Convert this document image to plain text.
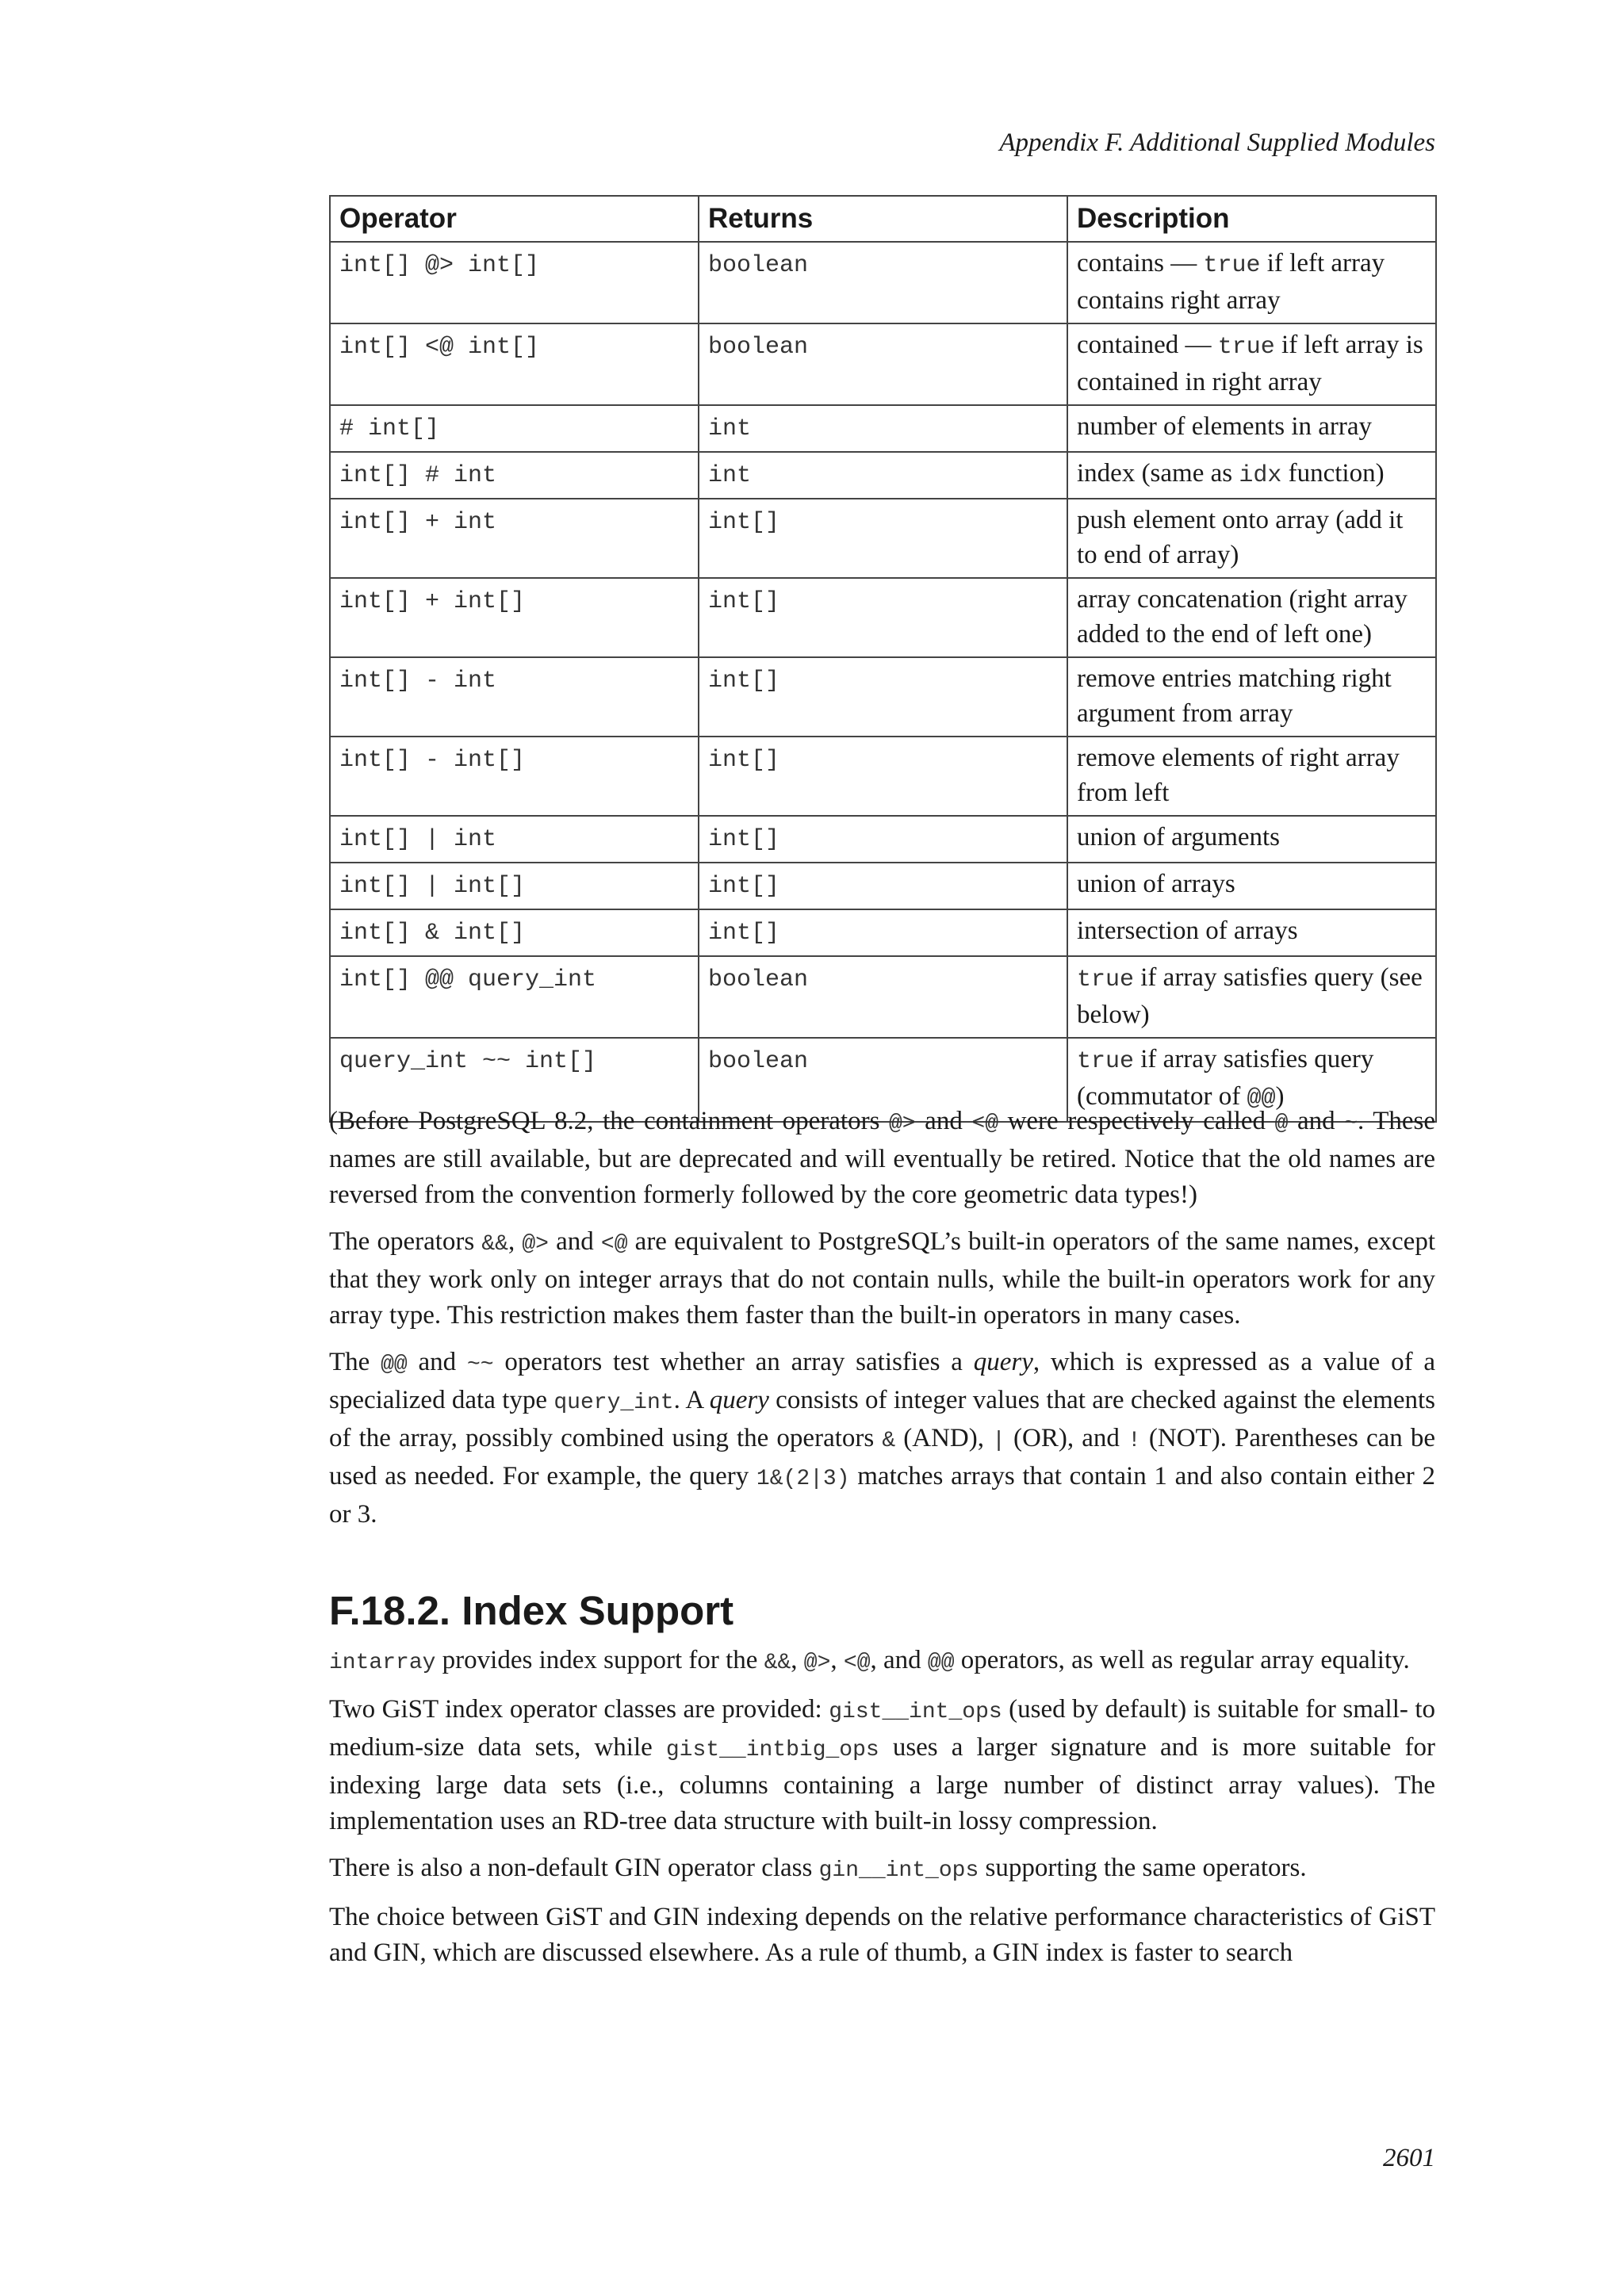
Appendix F. Additional Supplied Modules
Operator	Returns	Description
int[] @> int[]	boolean	contains — true if left array contains right array
int[] <@ int[]	boolean	contained — true if left array is contained in right array
# int[]	int	number of elements in array
int[] # int	int	index (same as idx function)
int[] + int	int[]	push element onto array (add it to end of array)
int[] + int[]	int[]	array concatenation (right array added to the end of left one)
int[] - int	int[]	remove entries matching right argument from array
int[] - int[]	int[]	remove elements of right array from left
int[] | int	int[]	union of arguments
int[] | int[]	int[]	union of arrays
int[] & int[]	int[]	intersection of arrays
int[] @@ query_int	boolean	true if array satisfies query (see below)
query_int ~~ int[]	boolean	true if array satisfies query (commutator of @@)

(Before PostgreSQL 8.2, the containment operators @> and <@ were respectively called @ and ~. These names are still available, but are deprecated and will eventually be retired. Notice that the old names are reversed from the convention formerly followed by the core geometric data types!)

The operators &&, @> and <@ are equivalent to PostgreSQL’s built-in operators of the same names, except that they work only on integer arrays that do not contain nulls, while the built-in operators work for any array type. This restriction makes them faster than the built-in operators in many cases.

The @@ and ~~ operators test whether an array satisfies a query, which is expressed as a value of a specialized data type query_int. A query consists of integer values that are checked against the elements of the array, possibly combined using the operators & (AND), | (OR), and ! (NOT). Parentheses can be used as needed. For example, the query 1&(2|3) matches arrays that contain 1 and also contain either 2 or 3.

F.18.2. Index Support

intarray provides index support for the &&, @>, <@, and @@ operators, as well as regular array equality.

Two GiST index operator classes are provided: gist__int_ops (used by default) is suitable for small- to medium-size data sets, while gist__intbig_ops uses a larger signature and is more suitable for indexing large data sets (i.e., columns containing a large number of distinct array values). The implementation uses an RD-tree data structure with built-in lossy compression.

There is also a non-default GIN operator class gin__int_ops supporting the same operators.

The choice between GiST and GIN indexing depends on the relative performance characteristics of GiST and GIN, which are discussed elsewhere. As a rule of thumb, a GIN index is faster to search

2601
